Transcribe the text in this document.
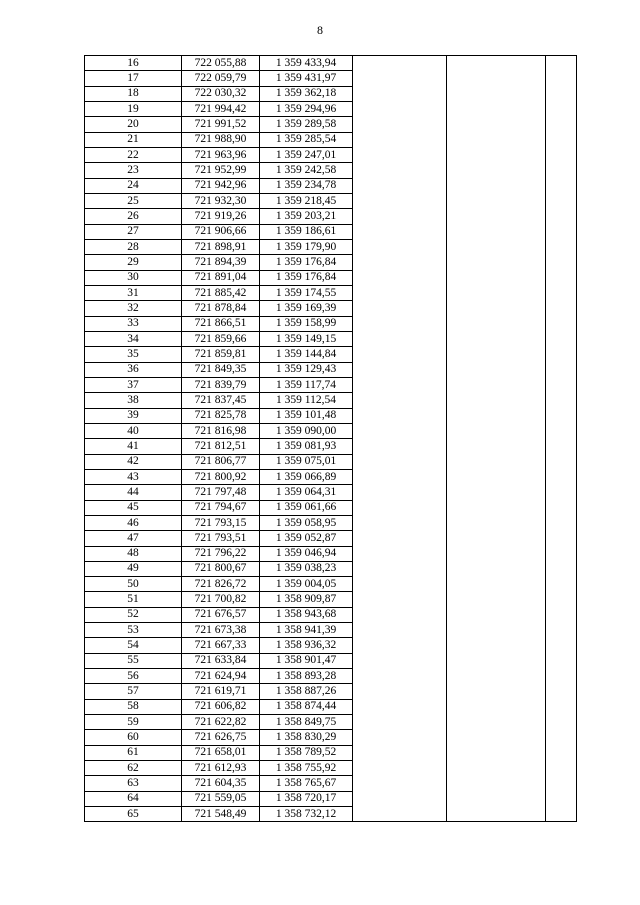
8
16	722 055,88	1 359 433,94			
17	722 059,79	1 359 431,97			
18	722 030,32	1 359 362,18			
19	721 994,42	1 359 294,96			
20	721 991,52	1 359 289,58			
21	721 988,90	1 359 285,54			
22	721 963,96	1 359 247,01			
23	721 952,99	1 359 242,58			
24	721 942,96	1 359 234,78			
25	721 932,30	1 359 218,45			
26	721 919,26	1 359 203,21			
27	721 906,66	1 359 186,61			
28	721 898,91	1 359 179,90			
29	721 894,39	1 359 176,84			
30	721 891,04	1 359 176,84			
31	721 885,42	1 359 174,55			
32	721 878,84	1 359 169,39			
33	721 866,51	1 359 158,99			
34	721 859,66	1 359 149,15			
35	721 859,81	1 359 144,84			
36	721 849,35	1 359 129,43			
37	721 839,79	1 359 117,74			
38	721 837,45	1 359 112,54			
39	721 825,78	1 359 101,48			
40	721 816,98	1 359 090,00			
41	721 812,51	1 359 081,93			
42	721 806,77	1 359 075,01			
43	721 800,92	1 359 066,89			
44	721 797,48	1 359 064,31			
45	721 794,67	1 359 061,66			
46	721 793,15	1 359 058,95			
47	721 793,51	1 359 052,87			
48	721 796,22	1 359 046,94			
49	721 800,67	1 359 038,23			
50	721 826,72	1 359 004,05			
51	721 700,82	1 358 909,87			
52	721 676,57	1 358 943,68			
53	721 673,38	1 358 941,39			
54	721 667,33	1 358 936,32			
55	721 633,84	1 358 901,47			
56	721 624,94	1 358 893,28			
57	721 619,71	1 358 887,26			
58	721 606,82	1 358 874,44			
59	721 622,82	1 358 849,75			
60	721 626,75	1 358 830,29			
61	721 658,01	1 358 789,52			
62	721 612,93	1 358 755,92			
63	721 604,35	1 358 765,67			
64	721 559,05	1 358 720,17			
65	721 548,49	1 358 732,12			
